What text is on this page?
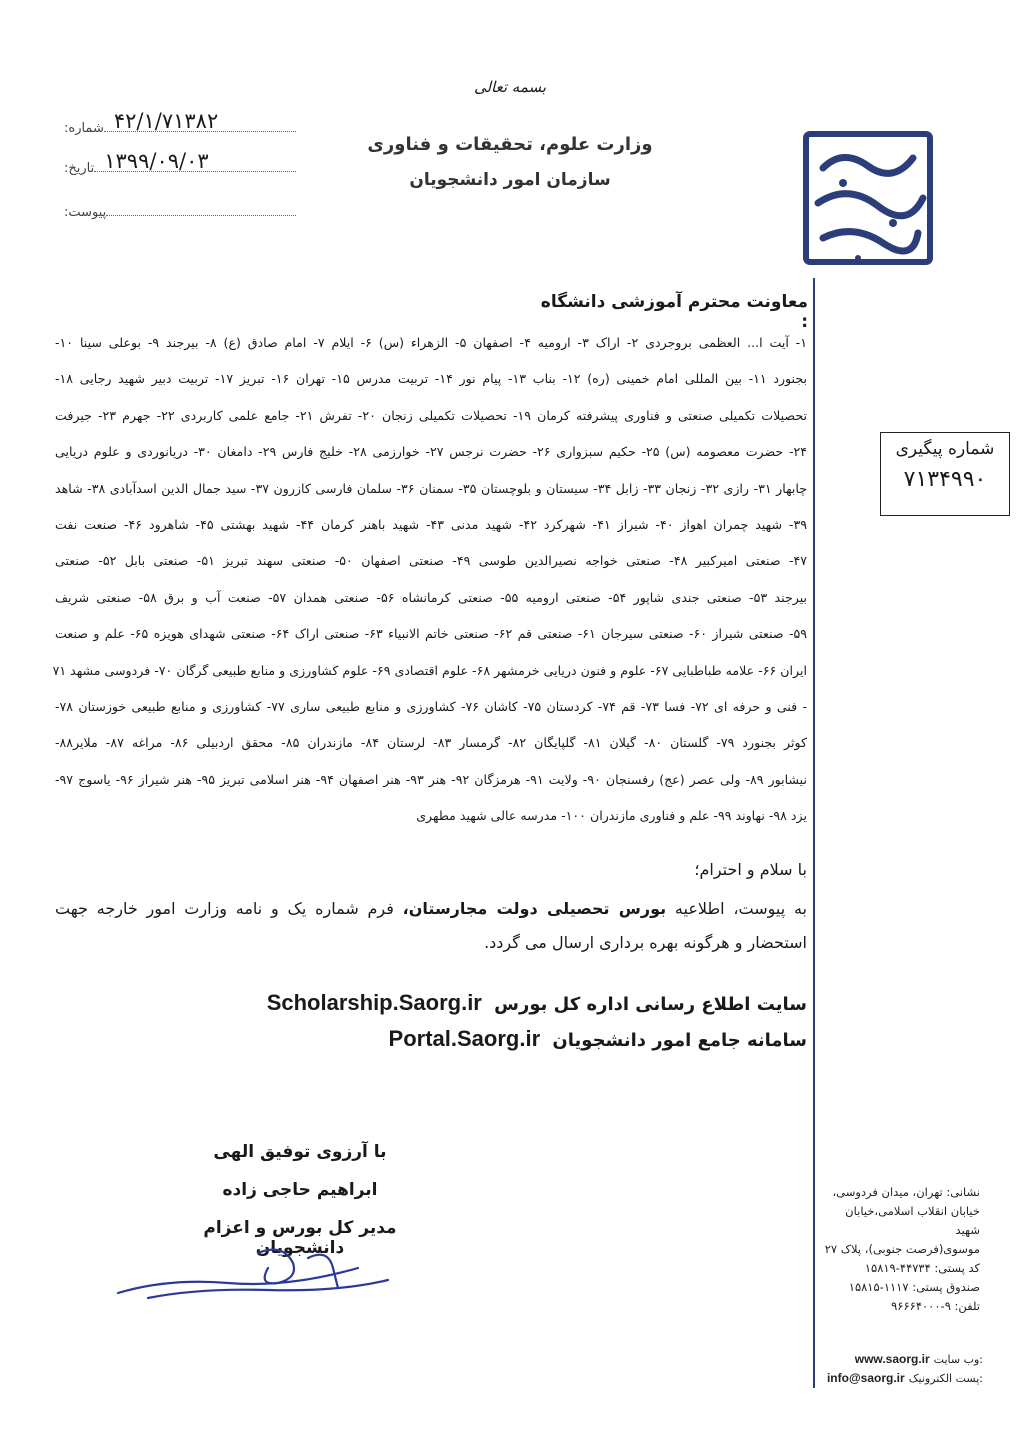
بسمه تعالی
وزارت علوم، تحقیقات و فناوری
سازمان امور دانشجویان
شماره: ۴۲/۱/۷۱۳۸۲
تاریخ: ۱۳۹۹/۰۹/۰۳
پیوست:
شماره پیگیری
۷۱۳۴۹۹۰
معاونت محترم آموزشی دانشگاه :
۱- آیت ا... العظمی بروجردی ۲- اراک ۳- ارومیه ۴- اصفهان ۵- الزهراء (س) ۶- ایلام ۷- امام صادق (ع) ۸- بیرجند ۹- بوعلی سینا ۱۰-
بجنورد ۱۱- بین المللی امام خمینی (ره) ۱۲- بناب ۱۳- پیام نور ۱۴- تربیت مدرس ۱۵- تهران ۱۶- تبریز ۱۷- تربیت دبیر شهید رجایی ۱۸-
تحصیلات تکمیلی صنعتی و فناوری پیشرفته کرمان ۱۹- تحصیلات تکمیلی زنجان ۲۰- تفرش ۲۱- جامع علمی کاربردی ۲۲- جهرم ۲۳- جیرفت
۲۴- حضرت معصومه (س) ۲۵- حکیم سبزواری ۲۶- حضرت نرجس ۲۷- خوارزمی ۲۸- خلیج فارس ۲۹- دامغان ۳۰- دریانوردی و علوم دریایی
چابهار ۳۱- رازی ۳۲- زنجان ۳۳- زابل ۳۴- سیستان و بلوچستان ۳۵- سمنان ۳۶- سلمان فارسی کازرون ۳۷- سید جمال الدین اسدآبادی ۳۸- شاهد
۳۹- شهید چمران اهواز ۴۰- شیراز ۴۱- شهرکرد ۴۲- شهید مدنی ۴۳- شهید باهنر کرمان ۴۴- شهید بهشتی ۴۵- شاهرود ۴۶- صنعت نفت
۴۷- صنعتی امیرکبیر ۴۸- صنعتی خواجه نصیرالدین طوسی ۴۹- صنعتی اصفهان ۵۰- صنعتی سهند تبریز ۵۱- صنعتی بابل ۵۲- صنعتی
بیرجند ۵۳- صنعتی جندی شاپور ۵۴- صنعتی ارومیه ۵۵- صنعتی کرمانشاه ۵۶- صنعتی همدان ۵۷- صنعت آب و برق ۵۸- صنعتی شریف
۵۹- صنعتی شیراز ۶۰- صنعتی سیرجان ۶۱- صنعتی قم ۶۲- صنعتی خاتم الانبیاء ۶۳- صنعتی اراک ۶۴- صنعتی شهدای هویزه ۶۵- علم و صنعت
ایران ۶۶- علامه طباطبایی ۶۷- علوم و فنون دریایی خرمشهر ۶۸- علوم اقتصادی ۶۹- علوم کشاورزی و منابع طبیعی گرگان ۷۰- فردوسی مشهد ۷۱
- فنی و حرفه ای ۷۲- فسا ۷۳- قم ۷۴- کردستان ۷۵- کاشان ۷۶- کشاورزی و منابع طبیعی ساری ۷۷- کشاورزی و منابع طبیعی خوزستان ۷۸-
کوثر بجنورد ۷۹- گلستان ۸۰- گیلان ۸۱- گلپایگان ۸۲- گرمسار ۸۳- لرستان ۸۴- مازندران ۸۵- محقق اردبیلی ۸۶- مراغه ۸۷- ملایر۸۸-
نیشابور ۸۹- ولی عصر (عج) رفسنجان ۹۰- ولایت ۹۱- هرمزگان ۹۲- هنر ۹۳- هنر اصفهان ۹۴- هنر اسلامی تبریز ۹۵- هنر شیراز ۹۶- یاسوج ۹۷-
یزد ۹۸- نهاوند ۹۹- علم و فناوری مازندران ۱۰۰- مدرسه عالی شهید مطهری
با سلام و احترام؛
به پیوست، اطلاعیه بورس تحصیلی دولت مجارستان، فرم شماره یک و نامه وزارت امور خارجه جهت استحضار و هرگونه بهره برداری ارسال می گردد.
سایت اطلاع رسانی اداره کل بورس Scholarship.Saorg.ir
سامانه جامع امور دانشجویان Portal.Saorg.ir
با آرزوی توفیق الهی
ابراهیم حاجی زاده
مدیر کل بورس و اعزام دانشجویان
نشانی: تهران، میدان فردوسی،
خیابان انقلاب اسلامی،خیابان شهید
موسوی(فرصت جنوبی)، پلاک ۲۷
کد پستی: ۴۴۷۳۴-۱۵۸۱۹
صندوق پستی: ۱۱۱۷-۱۵۸۱۵
تلفن: ۹-۹۶۶۶۴۰۰۰
وب سایت:
www.saorg.ir
پست الکترونیک:
info@saorg.ir
